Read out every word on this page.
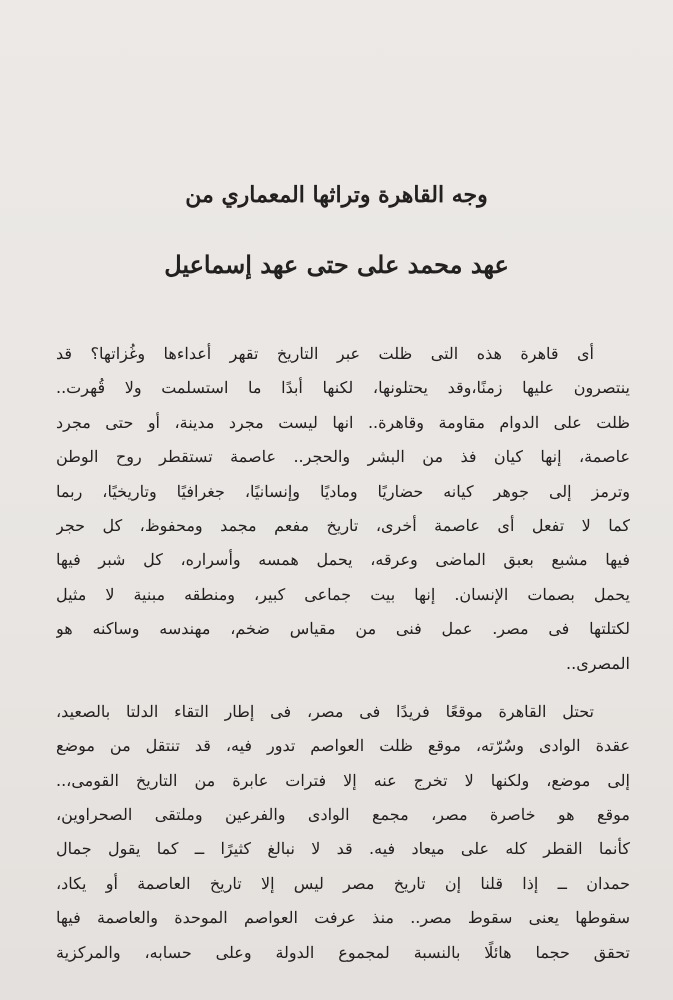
وجه القاهرة وتراثها المعماري من
عهد محمد على حتى عهد إسماعيل
أى قاهرة هذه التى ظلت عبر التاريخ تقهر أعداءها وغُزاتها؟ قد
ينتصرون عليها زمنًا،وقد يحتلونها، لكنها أبدًا ما استسلمت ولا قُهرت..
ظلت على الدوام مقاومة وقاهرة.. انها ليست مجرد مدينة، أو حتى مجرد
عاصمة، إنها كيان فذ من البشر والحجر.. عاصمة تستقطر روح الوطن
وترمز إلى جوهر كيانه حضاريًا وماديًا وإنسانيًا، جغرافيًا وتاريخيًا، ربما
كما لا تفعل أى عاصمة أخرى، تاريخ مفعم مجمد ومحفوظ، كل حجر
فيها مشبع بعبق الماضى وعرقه، يحمل همسه وأسراره، كل شبر فيها
يحمل بصمات الإنسان. إنها بيت جماعى كبير، ومنطقه مبنية لا مثيل
لكتلتها فى مصر. عمل فنى من مقياس ضخم، مهندسه وساكنه هو
المصرى..
تحتل القاهرة موقعًا فريدًا فى مصر، فى إطار التقاء الدلتا بالصعيد،
عقدة الوادى وسُرّته، موقع ظلت العواصم تدور فيه، قد تنتقل من موضع
إلى موضع، ولكنها لا تخرج عنه إلا فترات عابرة من التاريخ القومى،..
موقع هو خاصرة مصر، مجمع الوادى والفرعين وملتقى الصحراوين،
كأنما القطر كله على ميعاد فيه. قد لا نبالغ كثيرًا ــ كما يقول جمال
حمدان ــ إذا قلنا إن تاريخ مصر ليس إلا تاريخ العاصمة أو يكاد،
سقوطها يعنى سقوط مصر.. منذ عرفت العواصم الموحدة والعاصمة فيها
تحقق حجما هائلًا بالنسبة لمجموع الدولة وعلى حسابه، والمركزية
